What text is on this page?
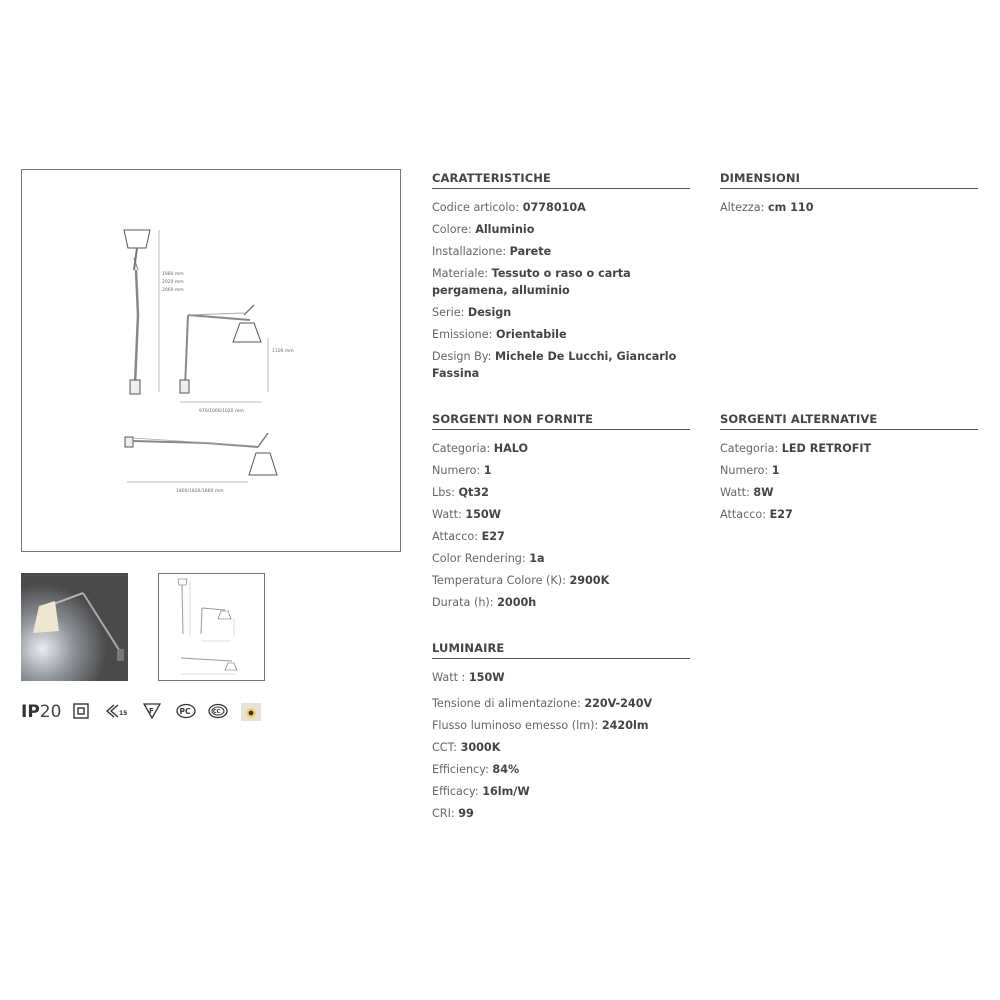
1980 mm
2020 mm
2060 mm
1100 mm
970/1000/1020 mm
1800/1820/1860 mm
IP20	15	F	PC	CC
CARATTERISTICHE
Codice articolo: 0778010A
Colore: Alluminio
Installazione: Parete
Materiale: Tessuto o raso o carta pergamena, alluminio
Serie: Design
Emissione: Orientabile
Design By: Michele De Lucchi, Giancarlo Fassina
DIMENSIONI
Altezza: cm 110
SORGENTI NON FORNITE
Categoria: HALO
Numero: 1
Lbs: Qt32
Watt: 150W
Attacco: E27
Color Rendering: 1a
Temperatura Colore (K): 2900K
Durata (h): 2000h
SORGENTI ALTERNATIVE
Categoria: LED RETROFIT
Numero: 1
Watt: 8W
Attacco: E27
LUMINAIRE
Watt : 150W
Tensione di alimentazione: 220V-240V
Flusso luminoso emesso (lm): 2420lm
CCT: 3000K
Efficiency: 84%
Efficacy: 16lm/W
CRI: 99
